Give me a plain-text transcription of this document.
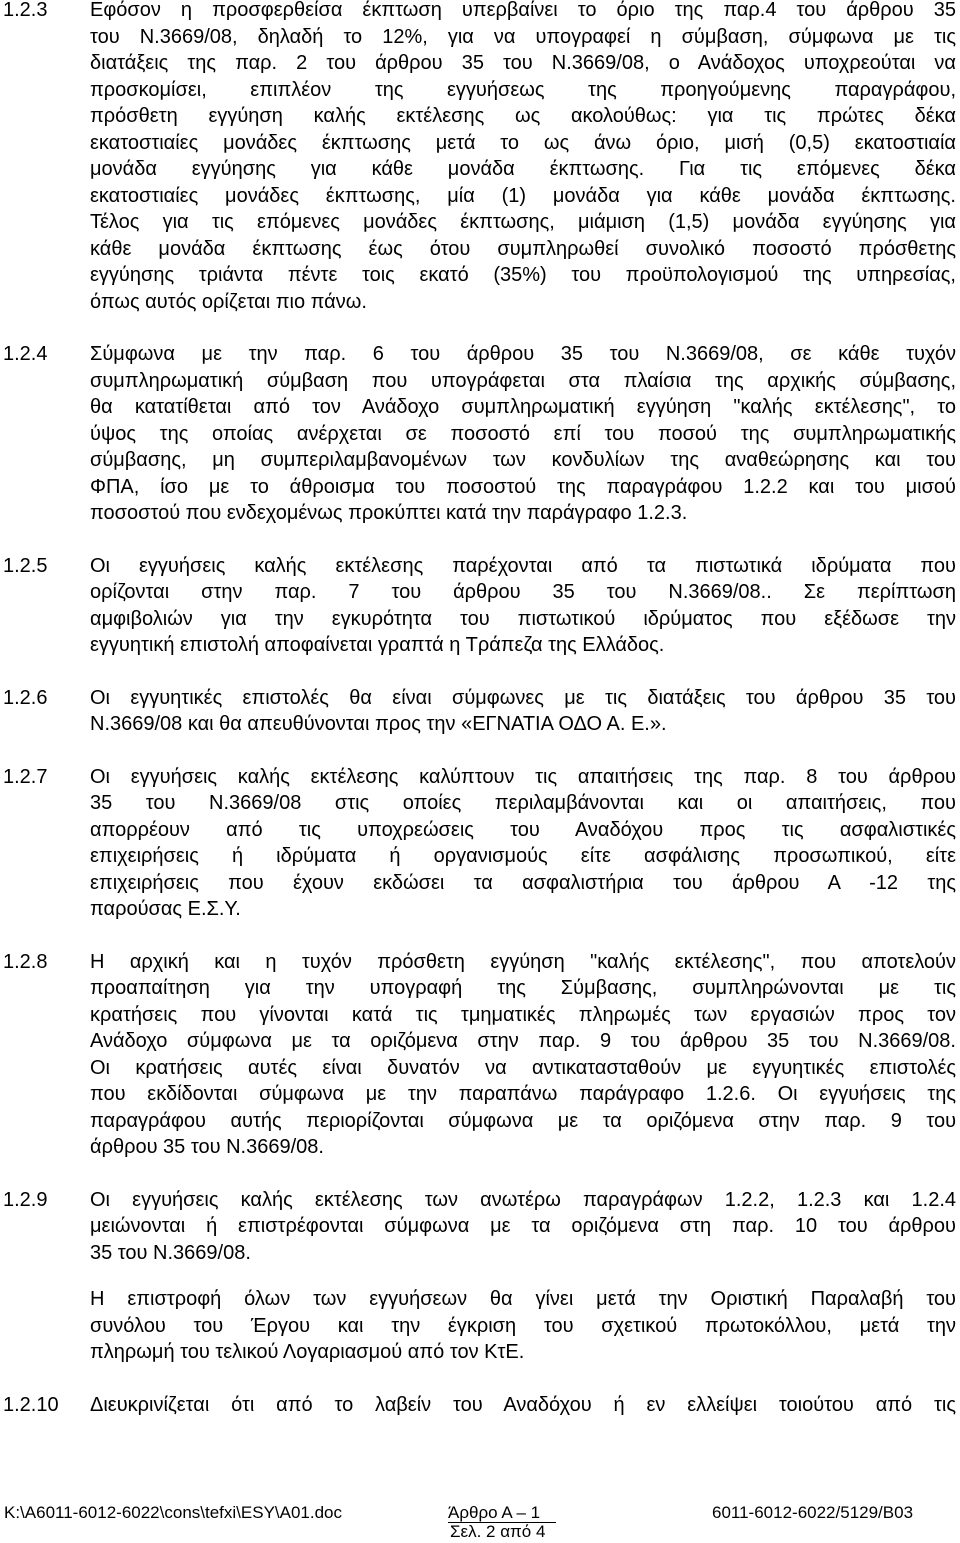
1.2.3 Εφόσον η προσφερθείσα έκπτωση υπερβαίνει το όριο της παρ.4 του άρθρου 35
του Ν.3669/08, δηλαδή το 12%, για να υπογραφεί η σύμβαση, σύμφωνα με τις
διατάξεις της παρ. 2 του άρθρου 35 του Ν.3669/08, ο Ανάδοχος υποχρεούται να
προσκομίσει, επιπλέον της εγγυήσεως της προηγούμενης παραγράφου,
πρόσθετη εγγύηση καλής εκτέλεσης ως ακολούθως: για τις πρώτες δέκα
εκατοστιαίες μονάδες έκπτωσης μετά το ως άνω όριο, μισή (0,5) εκατοστιαία
μονάδα εγγύησης για κάθε μονάδα έκπτωσης. Για τις επόμενες δέκα
εκατοστιαίες μονάδες έκπτωσης, μία (1) μονάδα για κάθε μονάδα έκπτωσης.
Τέλος για τις επόμενες μονάδες έκπτωσης, μιάμιση (1,5) μονάδα εγγύησης για
κάθε μονάδα έκπτωσης έως ότου συμπληρωθεί συνολικό ποσοστό πρόσθετης
εγγύησης τριάντα πέντε τοις εκατό (35%) του προϋπολογισμού της υπηρεσίας,
όπως αυτός ορίζεται πιο πάνω.
1.2.4 Σύμφωνα με την παρ. 6 του άρθρου 35 του Ν.3669/08, σε κάθε τυχόν
συμπληρωματική σύμβαση που υπογράφεται στα πλαίσια της αρχικής σύμβασης,
θα κατατίθεται από τον Ανάδοχο συμπληρωματική εγγύηση "καλής εκτέλεσης", το
ύψος της οποίας ανέρχεται σε ποσοστό επί του ποσού της συμπληρωματικής
σύμβασης, μη συμπεριλαμβανομένων των κονδυλίων της αναθεώρησης και του
ΦΠΑ, ίσο με το άθροισμα του ποσοστού της παραγράφου 1.2.2 και του μισού
ποσοστού που ενδεχομένως προκύπτει κατά την παράγραφο 1.2.3.
1.2.5 Οι εγγυήσεις καλής εκτέλεσης παρέχονται από τα πιστωτικά ιδρύματα που
ορίζονται στην παρ. 7 του άρθρου 35 του Ν.3669/08.. Σε περίπτωση
αμφιβολιών για την εγκυρότητα του πιστωτικού ιδρύματος που εξέδωσε την
εγγυητική επιστολή αποφαίνεται γραπτά η Τράπεζα της Ελλάδος.
1.2.6 Οι εγγυητικές επιστολές θα είναι σύμφωνες με τις διατάξεις του άρθρου 35 του
Ν.3669/08 και θα απευθύνονται προς την «ΕΓΝΑΤΙΑ ΟΔΟ Α. Ε.».
1.2.7 Οι εγγυήσεις καλής εκτέλεσης καλύπτουν τις απαιτήσεις της παρ. 8 του άρθρου
35 του Ν.3669/08 στις οποίες περιλαμβάνονται και οι απαιτήσεις, που
απορρέουν από τις υποχρεώσεις του Αναδόχου προς τις ασφαλιστικές
επιχειρήσεις ή ιδρύματα ή οργανισμούς είτε ασφάλισης προσωπικού, είτε
επιχειρήσεις που έχουν εκδώσει τα ασφαλιστήρια του άρθρου Α -12 της
παρούσας Ε.Σ.Υ.
1.2.8 Η αρχική και η τυχόν πρόσθετη εγγύηση "καλής εκτέλεσης", που αποτελούν
προαπαίτηση για την υπογραφή της Σύμβασης, συμπληρώνονται με τις
κρατήσεις που γίνονται κατά τις τμηματικές πληρωμές των εργασιών προς τον
Ανάδοχο σύμφωνα με τα οριζόμενα στην παρ. 9 του άρθρου 35 του Ν.3669/08.
Οι κρατήσεις αυτές είναι δυνατόν να αντικατασταθούν με εγγυητικές επιστολές
που εκδίδονται σύμφωνα με την παραπάνω παράγραφο 1.2.6. Οι εγγυήσεις της
παραγράφου αυτής περιορίζονται σύμφωνα με τα οριζόμενα στην παρ. 9 του
άρθρου 35 του Ν.3669/08.
1.2.9 Οι εγγυήσεις καλής εκτέλεσης των ανωτέρω παραγράφων 1.2.2, 1.2.3 και 1.2.4
μειώνονται ή επιστρέφονται σύμφωνα με τα οριζόμενα στη παρ. 10 του άρθρου
35 του Ν.3669/08.
Η επιστροφή όλων των εγγυήσεων θα γίνει μετά την Οριστική Παραλαβή του
συνόλου του Έργου και την έγκριση του σχετικού πρωτοκόλλου, μετά την
πληρωμή του τελικού Λογαριασμού από τον ΚτΕ.
1.2.10 Διευκρινίζεται ότι από το λαβείν του Αναδόχου ή εν ελλείψει τοιούτου από τις
K:\A6011-6012-6022\cons\tefxi\ESY\A01.doc	Άρθρο Α – 1	6011-6012-6022/5129/B03
Σελ. 2 από 4
